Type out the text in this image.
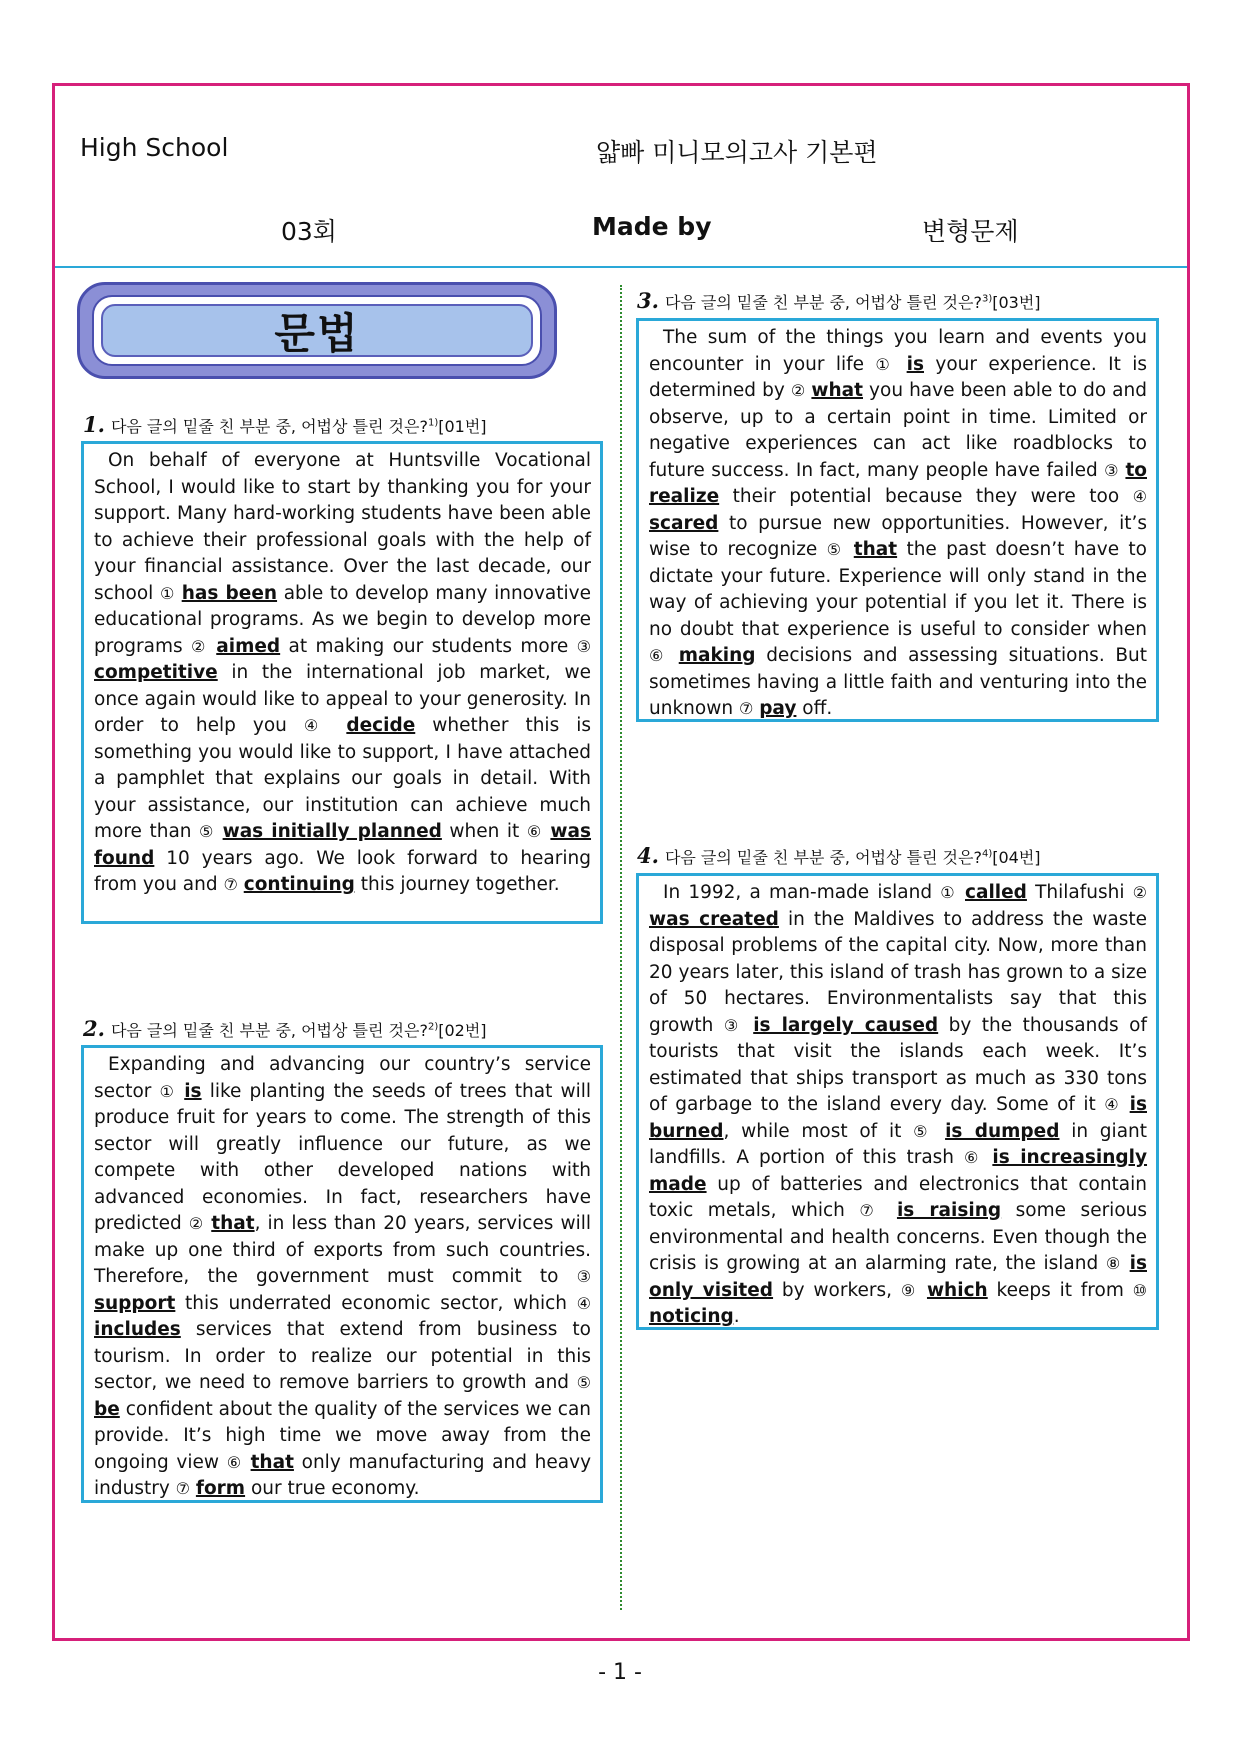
High School	얇빠 미니모의고사 기본편
03회	Made by	변형문제
문법
1. 다음 글의 밑줄 친 부분 중, 어법상 틀린 것은?$^{1)}$[01번]

On behalf of everyone at Huntsville Vocational School, I would like to start by thanking you for your support. Many hard-working students have been able to achieve their professional goals with the help of your financial assistance. Over the last decade, our school ① has been able to develop many innovative educational programs. As we begin to develop more programs ② aimed at making our students more ③ competitive in the international job market, we once again would like to appeal to your generosity. In order to help you ④ decide whether this is something you would like to support, I have attached a pamphlet that explains our goals in detail. With your assistance, our institution can achieve much more than ⑤ was initially planned when it ⑥ was found 10 years ago. We look forward to hearing from you and ⑦ continuing this journey together.

2. 다음 글의 밑줄 친 부분 중, 어법상 틀린 것은?$^{2)}$[02번]

Expanding and advancing our country’s service sector ① is like planting the seeds of trees that will produce fruit for years to come. The strength of this sector will greatly influence our future, as we compete with other developed nations with advanced economies. In fact, researchers have predicted ② that, in less than 20 years, services will make up one third of exports from such countries. Therefore, the government must commit to ③ support this underrated economic sector, which ④ includes services that extend from business to tourism. In order to realize our potential in this sector, we need to remove barriers to growth and ⑤ be confident about the quality of the services we can provide. It’s high time we move away from the ongoing view ⑥ that only manufacturing and heavy industry ⑦ form our true economy.

3. 다음 글의 밑줄 친 부분 중, 어법상 틀린 것은?$^{3)}$[03번]

The sum of the things you learn and events you encounter in your life ① is your experience. It is determined by ② what you have been able to do and observe, up to a certain point in time. Limited or negative experiences can act like roadblocks to future success. In fact, many people have failed ③ to realize their potential because they were too ④ scared to pursue new opportunities. However, it’s wise to recognize ⑤ that the past doesn’t have to dictate your future. Experience will only stand in the way of achieving your potential if you let it. There is no doubt that experience is useful to consider when ⑥ making decisions and assessing situations. But sometimes having a little faith and venturing into the unknown ⑦ pay off.

4. 다음 글의 밑줄 친 부분 중, 어법상 틀린 것은?$^{4)}$[04번]

In 1992, a man-made island ① called Thilafushi ② was created in the Maldives to address the waste disposal problems of the capital city. Now, more than 20 years later, this island of trash has grown to a size of 50 hectares. Environmentalists say that this growth ③ is largely caused by the thousands of tourists that visit the islands each week. It’s estimated that ships transport as much as 330 tons of garbage to the island every day. Some of it ④ is burned, while most of it ⑤ is dumped in giant landfills. A portion of this trash ⑥ is increasingly made up of batteries and electronics that contain toxic metals, which ⑦ is raising some serious environmental and health concerns. Even though the crisis is growing at an alarming rate, the island ⑧ is only visited by workers, ⑨ which keeps it from ⑩ noticing.

- 1 -
